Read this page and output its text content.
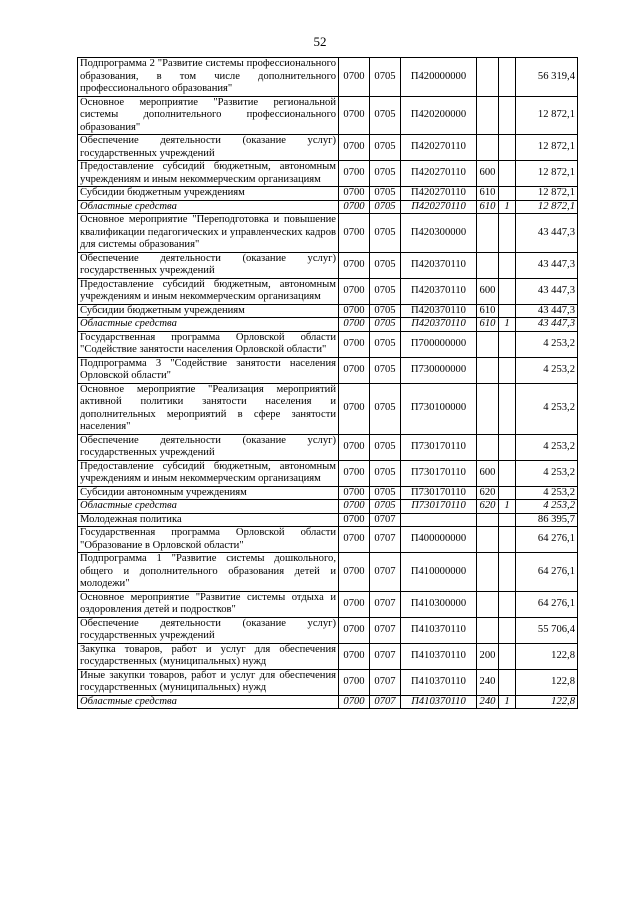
52
Подпрограмма 2 "Развитие системы профессионального образования, в том числе дополнительного профессионального образования"	0700	0705	П420000000			56 319,4
Основное мероприятие "Развитие региональной системы дополнительного профессионального образования"	0700	0705	П420200000			12 872,1
Обеспечение деятельности (оказание услуг) государственных учреждений	0700	0705	П420270110			12 872,1
Предоставление субсидий бюджетным, автономным учреждениям и иным некоммерческим организациям	0700	0705	П420270110	600		12 872,1
Субсидии бюджетным учреждениям	0700	0705	П420270110	610		12 872,1
Областные средства	0700	0705	П420270110	610	1	12 872,1
Основное мероприятие "Переподготовка и повышение квалификации педагогических и управленческих кадров для системы образования"	0700	0705	П420300000			43 447,3
Обеспечение деятельности (оказание услуг) государственных учреждений	0700	0705	П420370110			43 447,3
Предоставление субсидий бюджетным, автономным учреждениям и иным некоммерческим организациям	0700	0705	П420370110	600		43 447,3
Субсидии бюджетным учреждениям	0700	0705	П420370110	610		43 447,3
Областные средства	0700	0705	П420370110	610	1	43 447,3
Государственная программа Орловской области "Содействие занятости населения Орловской области"	0700	0705	П700000000			4 253,2
Подпрограмма 3 "Содействие занятости населения Орловской области"	0700	0705	П730000000			4 253,2
Основное мероприятие "Реализация мероприятий активной политики занятости населения и дополнительных мероприятий в сфере занятости населения"	0700	0705	П730100000			4 253,2
Обеспечение деятельности (оказание услуг) государственных учреждений	0700	0705	П730170110			4 253,2
Предоставление субсидий бюджетным, автономным учреждениям и иным некоммерческим организациям	0700	0705	П730170110	600		4 253,2
Субсидии автономным учреждениям	0700	0705	П730170110	620		4 253,2
Областные средства	0700	0705	П730170110	620	1	4 253,2
Молодежная политика	0700	0707				86 395,7
Государственная программа Орловской области "Образование в Орловской области"	0700	0707	П400000000			64 276,1
Подпрограмма 1 "Развитие системы дошкольного, общего и дополнительного образования детей и молодежи"	0700	0707	П410000000			64 276,1
Основное мероприятие "Развитие системы отдыха и оздоровления детей и подростков"	0700	0707	П410300000			64 276,1
Обеспечение деятельности (оказание услуг) государственных учреждений	0700	0707	П410370110			55 706,4
Закупка товаров, работ и услуг для обеспечения государственных (муниципальных) нужд	0700	0707	П410370110	200		122,8
Иные закупки товаров, работ и услуг для обеспечения государственных (муниципальных) нужд	0700	0707	П410370110	240		122,8
Областные средства	0700	0707	П410370110	240	1	122,8
